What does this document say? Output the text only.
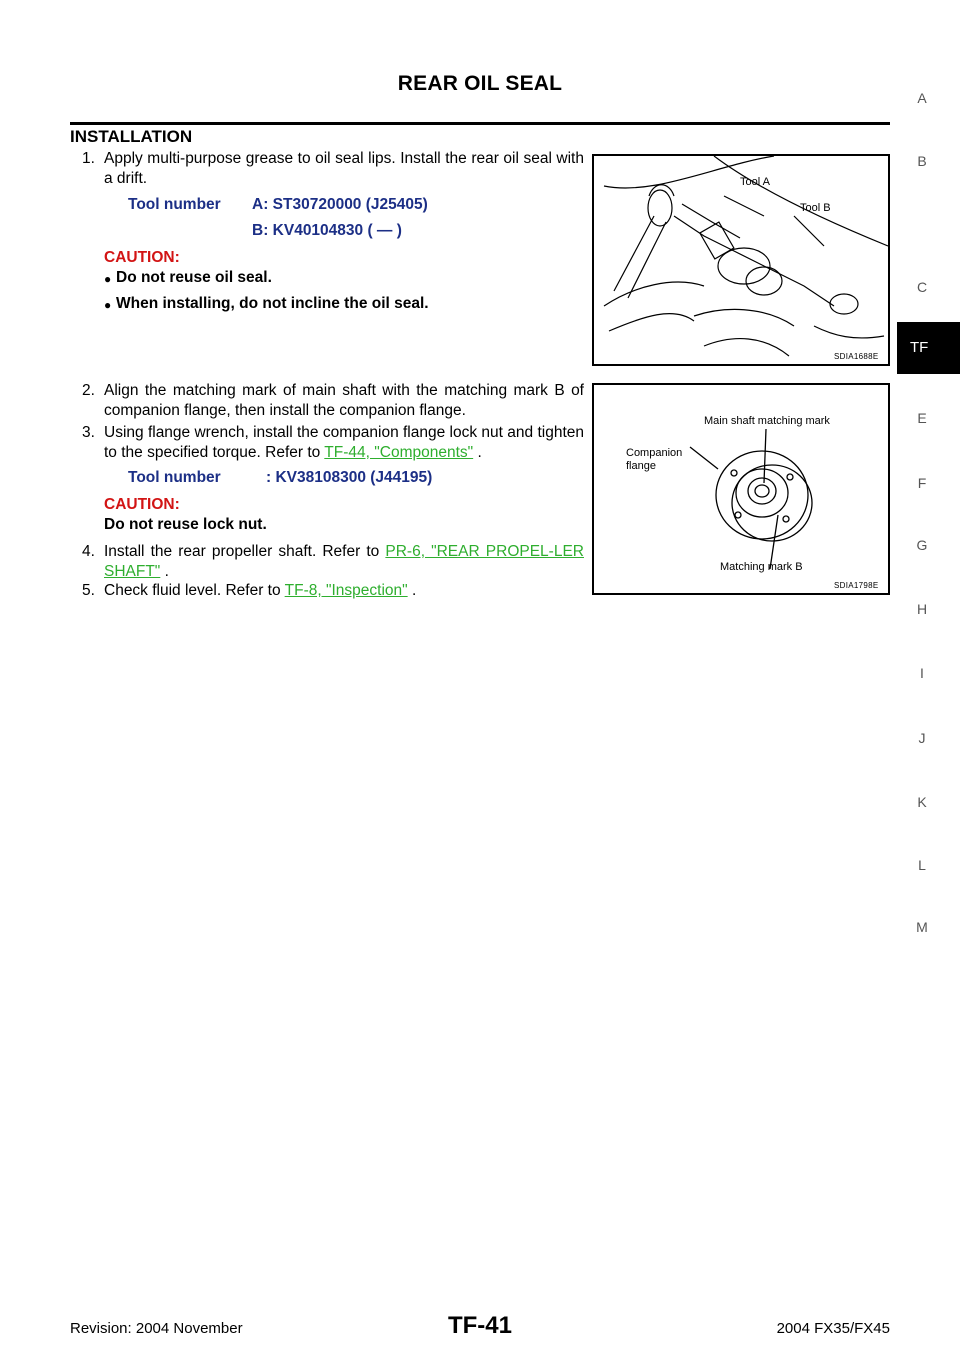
REAR OIL SEAL
INSTALLATION
1. Apply multi-purpose grease to oil seal lips. Install the rear oil seal with a drift.
Tool number A: ST30720000 (J25405)
B: KV40104830 ( — )
CAUTION:
● Do not reuse oil seal.
● When installing, do not incline the oil seal.
2. Align the matching mark of main shaft with the matching mark B of companion flange, then install the companion flange.
3. Using flange wrench, install the companion flange lock nut and tighten to the specified torque. Refer to TF-44, "Components" .
Tool number	: KV38108300 (J44195)
CAUTION:
Do not reuse lock nut.
4. Install the rear propeller shaft. Refer to PR-6, "REAR PROPEL-LER SHAFT" .
5. Check fluid level. Refer to TF-8, "Inspection" .
Tool A
Tool B
SDIA1688E
Main shaft matching mark
Companion
flange
Matching mark B
SDIA1798E
A
B
C
TF
E
F
G
H
I
J
K
L
M
Revision: 2004 November	TF-41	2004 FX35/FX45
